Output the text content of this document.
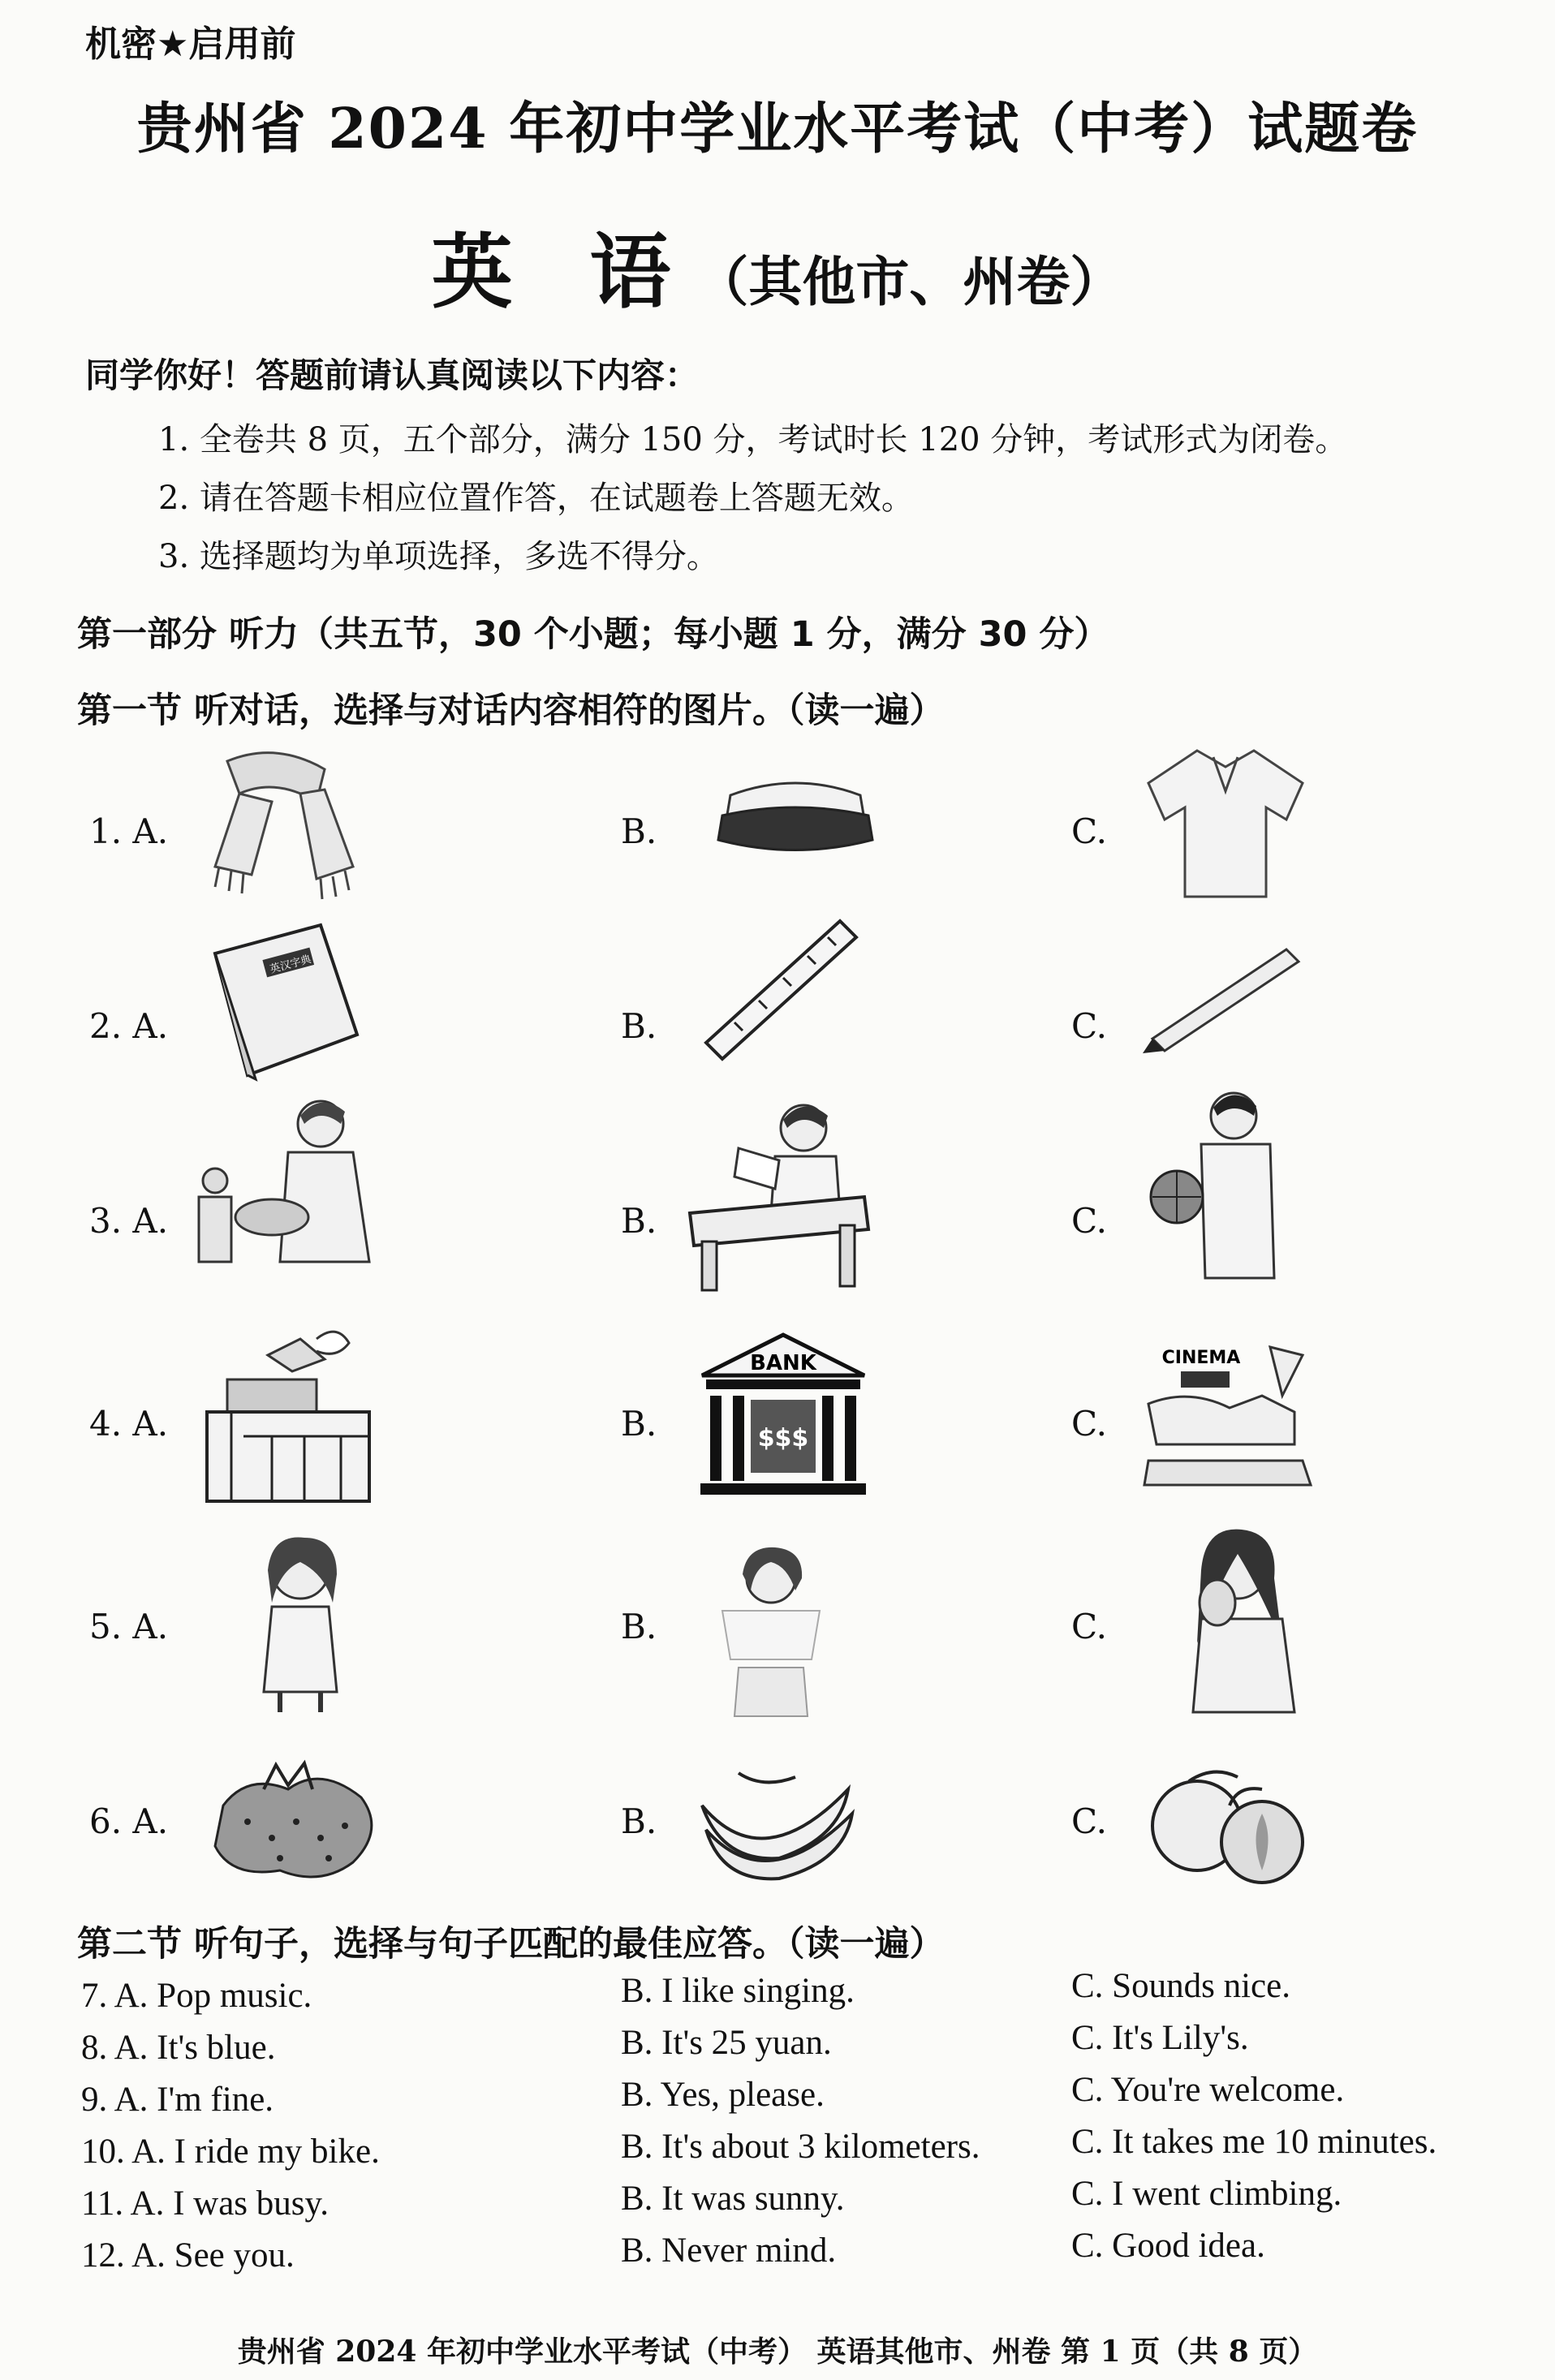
机密★启用前
贵州省 2024 年初中学业水平考试（中考）试题卷
英 语（其他市、州卷）
同学你好！答题前请认真阅读以下内容：
1. 全卷共 8 页，五个部分，满分 150 分，考试时长 120 分钟，考试形式为闭卷。
2. 请在答题卡相应位置作答，在试题卷上答题无效。
3. 选择题均为单项选择，多选不得分。
第一部分 听力（共五节，30 个小题；每小题 1 分，满分 30 分）
第一节 听对话，选择与对话内容相符的图片。（读一遍）
1. A.	B.	C.
2. A.	B.	C.
3. A.	B.	C.
4. A.	B.	C.
5. A.	B.	C.
6. A.	B.	C.
英汉字典
BANK
$$$
CINEMA
第二节 听句子，选择与句子匹配的最佳应答。（读一遍）
7. A. Pop music.	B. I like singing.	C. Sounds nice.
8. A. It's blue.	B. It's 25 yuan.	C. It's Lily's.
9. A. I'm fine.	B. Yes, please.	C. You're welcome.
10. A. I ride my bike.	B. It's about 3 kilometers.	C. It takes me 10 minutes.
11. A. I was busy.	B. It was sunny.	C. I went climbing.
12. A. See you.	B. Never mind.	C. Good idea.
贵州省 2024 年初中学业水平考试（中考） 英语其他市、州卷 第 1 页（共 8 页）
